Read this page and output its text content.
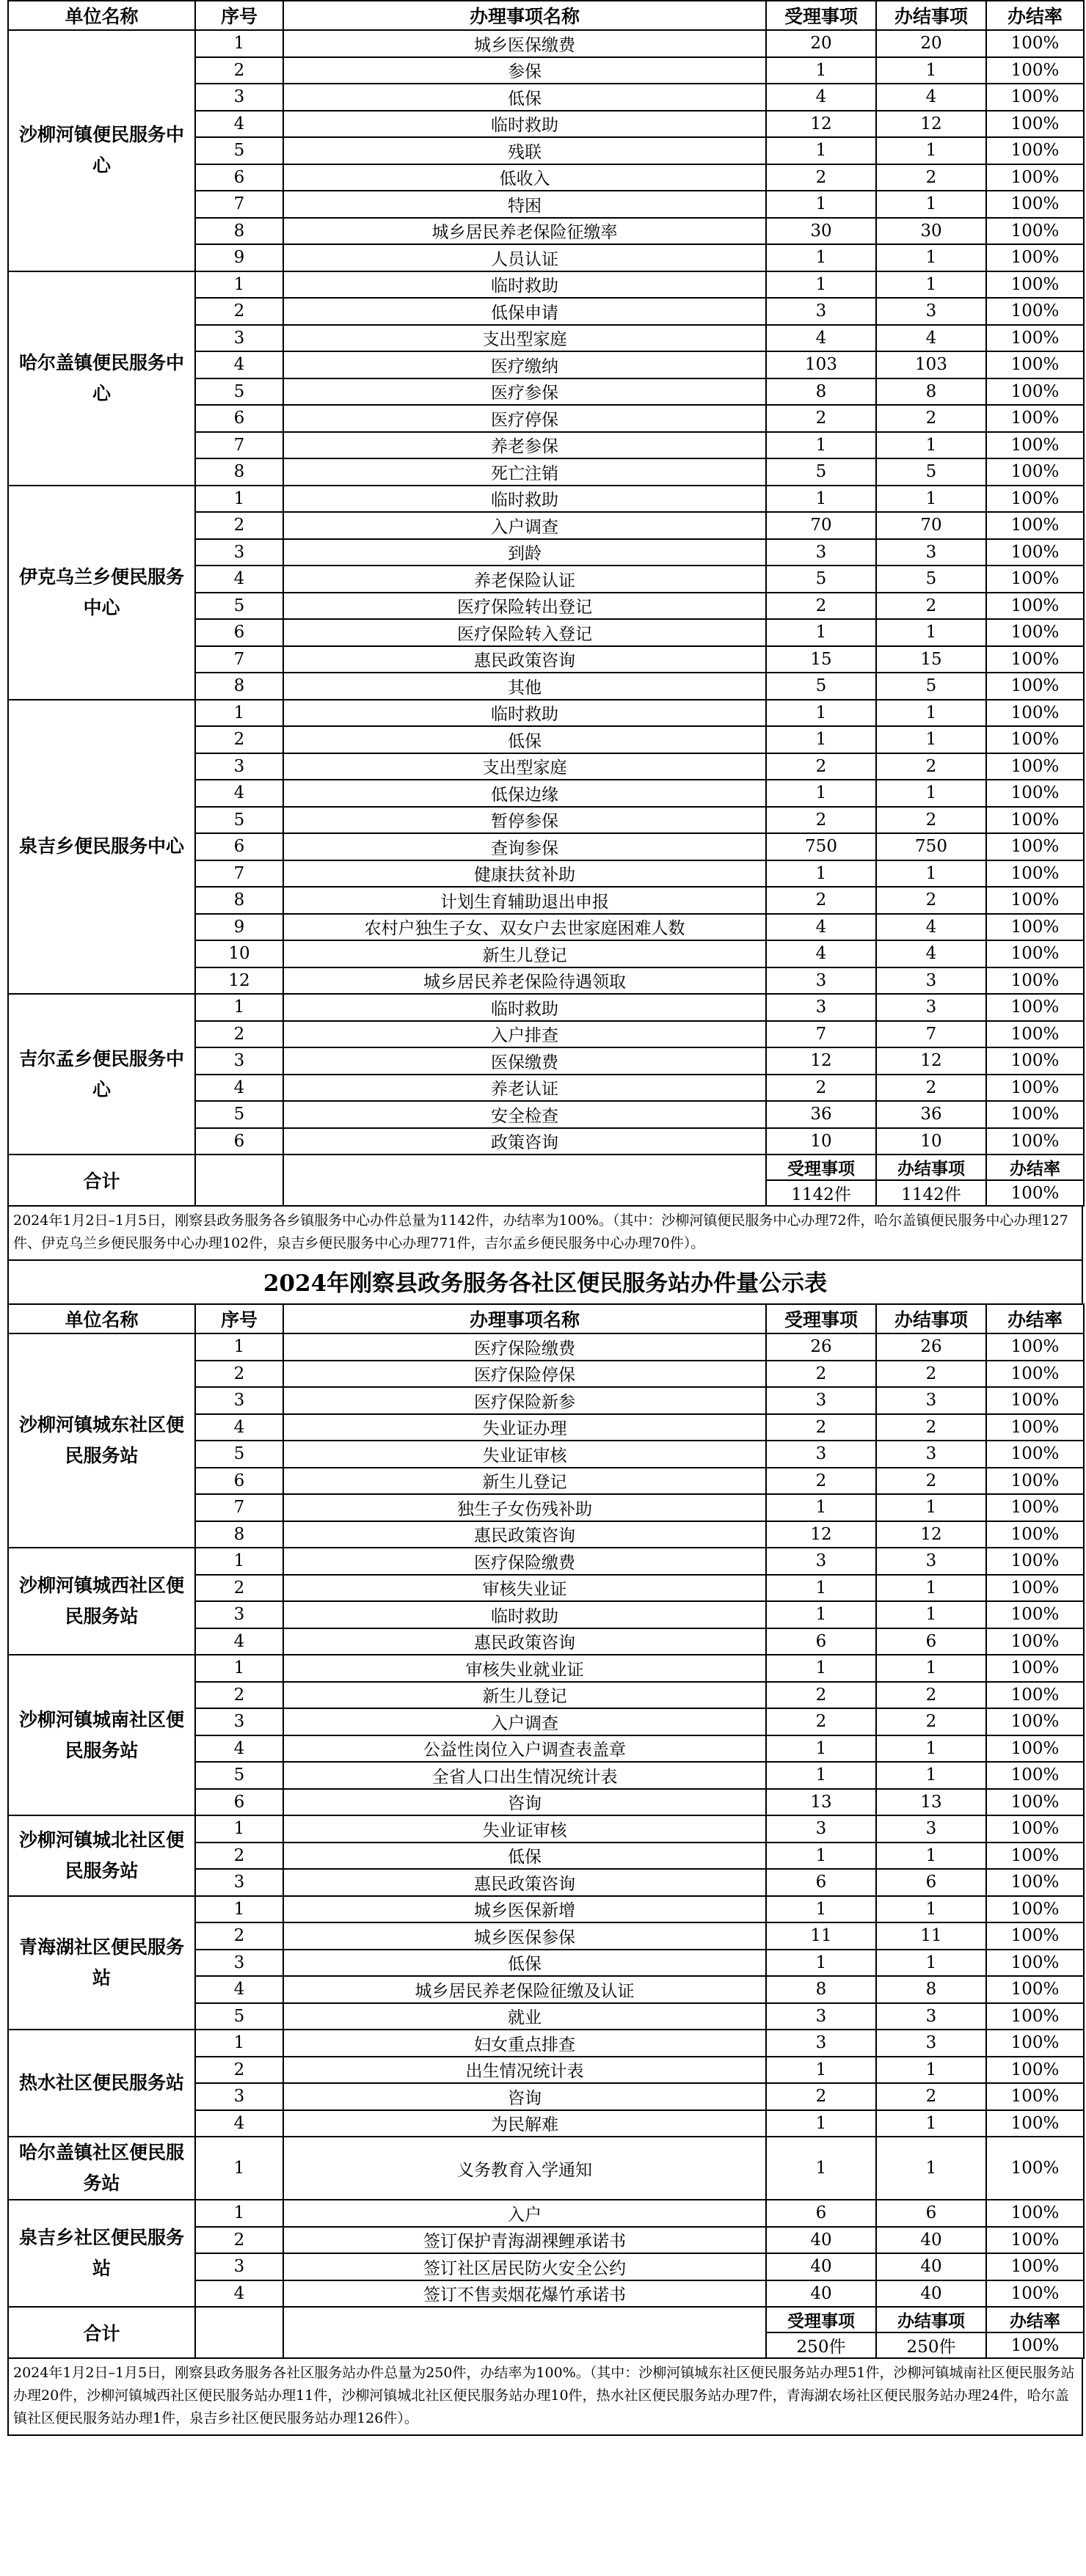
单位名称	序号	办理事项名称	受理事项	办结事项	办结率
沙柳河镇便民服务中心	1	城乡医保缴费	20	20	100%
	2	参保	1	1	100%
	3	低保	4	4	100%
	4	临时救助	12	12	100%
	5	残联	1	1	100%
	6	低收入	2	2	100%
	7	特困	1	1	100%
	8	城乡居民养老保险征缴率	30	30	100%
	9	人员认证	1	1	100%
哈尔盖镇便民服务中心	1	临时救助	1	1	100%
	2	低保申请	3	3	100%
	3	支出型家庭	4	4	100%
	4	医疗缴纳	103	103	100%
	5	医疗参保	8	8	100%
	6	医疗停保	2	2	100%
	7	养老参保	1	1	100%
	8	死亡注销	5	5	100%
伊克乌兰乡便民服务中心	1	临时救助	1	1	100%
	2	入户调查	70	70	100%
	3	到龄	3	3	100%
	4	养老保险认证	5	5	100%
	5	医疗保险转出登记	2	2	100%
	6	医疗保险转入登记	1	1	100%
	7	惠民政策咨询	15	15	100%
	8	其他	5	5	100%
泉吉乡便民服务中心	1	临时救助	1	1	100%
	2	低保	1	1	100%
	3	支出型家庭	2	2	100%
	4	低保边缘	1	1	100%
	5	暂停参保	2	2	100%
	6	查询参保	750	750	100%
	7	健康扶贫补助	1	1	100%
	8	计划生育辅助退出申报	2	2	100%
	9	农村户独生子女、双女户去世家庭困难人数	4	4	100%
	10	新生儿登记	4	4	100%
	12	城乡居民养老保险待遇领取	3	3	100%
吉尔孟乡便民服务中心	1	临时救助	3	3	100%
	2	入户排查	7	7	100%
	3	医保缴费	12	12	100%
	4	养老认证	2	2	100%
	5	安全检查	36	36	100%
	6	政策咨询	10	10	100%
合计			受理事项	办结事项	办结率
			1142件	1142件	100%
2024年1月2日–1月5日，刚察县政务服务各乡镇服务中心办件总量为1142件，办结率为100%。（其中：沙柳河镇便民服务中心办理72件，哈尔盖镇便民服务中心办理127件、伊克乌兰乡便民服务中心办理102件，泉吉乡便民服务中心办理771件，吉尔孟乡便民服务中心办理70件）。
2024年刚察县政务服务各社区便民服务站办件量公示表
单位名称	序号	办理事项名称	受理事项	办结事项	办结率
沙柳河镇城东社区便民服务站	1	医疗保险缴费	26	26	100%
	2	医疗保险停保	2	2	100%
	3	医疗保险新参	3	3	100%
	4	失业证办理	2	2	100%
	5	失业证审核	3	3	100%
	6	新生儿登记	2	2	100%
	7	独生子女伤残补助	1	1	100%
	8	惠民政策咨询	12	12	100%
沙柳河镇城西社区便民服务站	1	医疗保险缴费	3	3	100%
	2	审核失业证	1	1	100%
	3	临时救助	1	1	100%
	4	惠民政策咨询	6	6	100%
沙柳河镇城南社区便民服务站	1	审核失业就业证	1	1	100%
	2	新生儿登记	2	2	100%
	3	入户调查	2	2	100%
	4	公益性岗位入户调查表盖章	1	1	100%
	5	全省人口出生情况统计表	1	1	100%
	6	咨询	13	13	100%
沙柳河镇城北社区便民服务站	1	失业证审核	3	3	100%
	2	低保	1	1	100%
	3	惠民政策咨询	6	6	100%
青海湖社区便民服务站	1	城乡医保新增	1	1	100%
	2	城乡医保参保	11	11	100%
	3	低保	1	1	100%
	4	城乡居民养老保险征缴及认证	8	8	100%
	5	就业	3	3	100%
热水社区便民服务站	1	妇女重点排查	3	3	100%
	2	出生情况统计表	1	1	100%
	3	咨询	2	2	100%
	4	为民解难	1	1	100%
哈尔盖镇社区便民服务站	1	义务教育入学通知	1	1	100%
泉吉乡社区便民服务站	1	入户	6	6	100%
	2	签订保护青海湖裸鲤承诺书	40	40	100%
	3	签订社区居民防火安全公约	40	40	100%
	4	签订不售卖烟花爆竹承诺书	40	40	100%
合计			受理事项	办结事项	办结率
			250件	250件	100%
2024年1月2日–1月5日，刚察县政务服务各社区服务站办件总量为250件，办结率为100%。（其中：沙柳河镇城东社区便民服务站办理51件，沙柳河镇城南社区便民服务站办理20件，沙柳河镇城西社区便民服务站办理11件，沙柳河镇城北社区便民服务站办理10件，热水社区便民服务站办理7件，青海湖农场社区便民服务站办理24件，哈尔盖镇社区便民服务站办理1件，泉吉乡社区便民服务站办理126件）。
